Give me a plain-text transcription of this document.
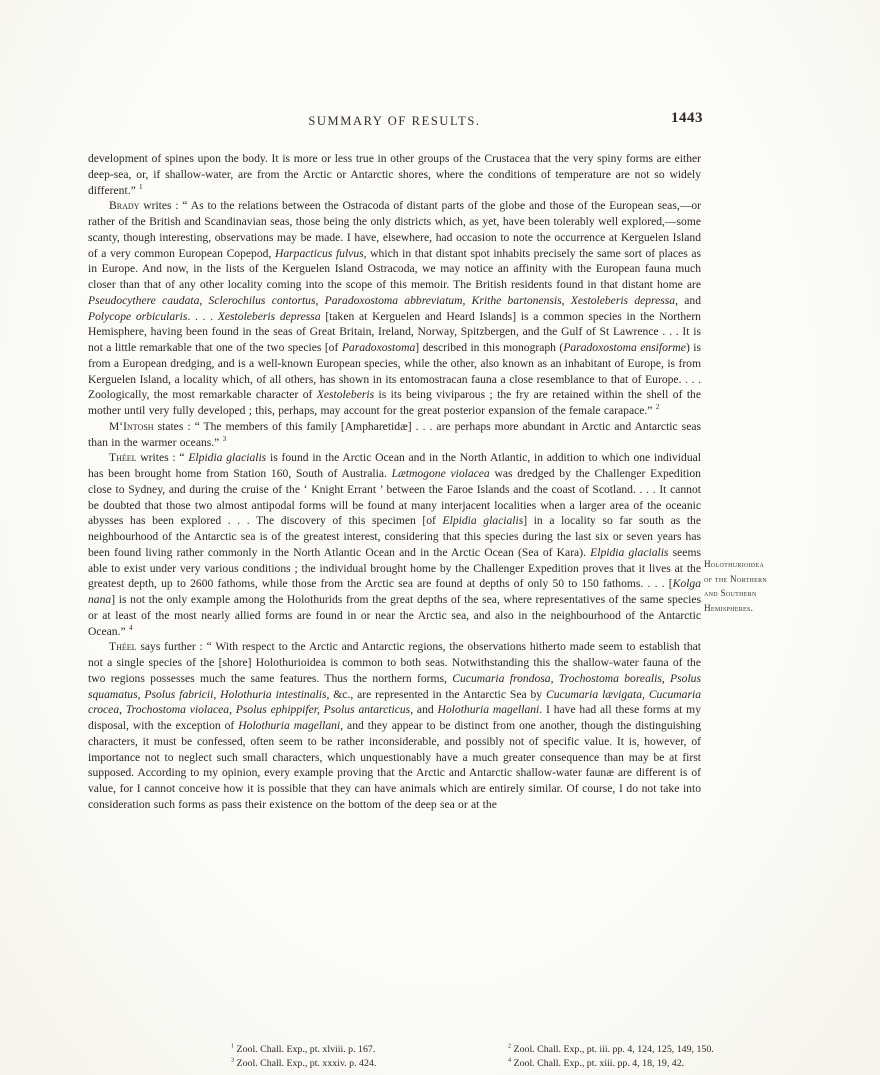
SUMMARY OF RESULTS.	1443

development of spines upon the body. It is more or less true in other groups of the Crustacea that the very spiny forms are either deep-sea, or, if shallow-water, are from the Arctic or Antarctic shores, where the conditions of temperature are not so widely different.” $^1$

Brady writes : “ As to the relations between the Ostracoda of distant parts of the globe and those of the European seas,—or rather of the British and Scandinavian seas, those being the only districts which, as yet, have been tolerably well explored,—some scanty, though interesting, observations may be made. I have, elsewhere, had occasion to note the occurrence at Kerguelen Island of a very common European Copepod, Harpacticus fulvus, which in that distant spot inhabits precisely the same sort of places as in Europe. And now, in the lists of the Kerguelen Island Ostracoda, we may notice an affinity with the European fauna much closer than that of any other locality coming into the scope of this memoir. The British residents found in that distant home are Pseudocythere caudata, Sclerochilus contortus, Paradoxostoma abbreviatum, Krithe bartonensis, Xestoleberis depressa, and Polycope orbicularis. . . . Xestoleberis depressa [taken at Kerguelen and Heard Islands] is a common species in the Northern Hemisphere, having been found in the seas of Great Britain, Ireland, Norway, Spitzbergen, and the Gulf of St Lawrence . . . It is not a little remarkable that one of the two species [of Paradoxostoma] described in this monograph (Paradoxostoma ensiforme) is from a European dredging, and is a well-known European species, while the other, also known as an inhabitant of Europe, is from Kerguelen Island, a locality which, of all others, has shown in its entomostracan fauna a close resemblance to that of Europe. . . . Zoologically, the most remarkable character of Xestoleberis is its being viviparous ; the fry are retained within the shell of the mother until very fully developed ; this, perhaps, may account for the great posterior expansion of the female carapace.” $^2$

M‘Intosh states : “ The members of this family [Ampharetidæ] . . . are perhaps more abundant in Arctic and Antarctic seas than in the warmer oceans.” $^3$

Théel writes : “ Elpidia glacialis is found in the Arctic Ocean and in the North Atlantic, in addition to which one individual has been brought home from Station 160, South of Australia. Lætmogone violacea was dredged by the Challenger Expedition close to Sydney, and during the cruise of the ‘ Knight Errant ’ between the Faroe Islands and the coast of Scotland. . . . It cannot be doubted that those two almost antipodal forms will be found at many interjacent localities when a larger area of the oceanic abysses has been explored . . . The discovery of this specimen [of Elpidia glacialis] in a locality so far south as the neighbourhood of the Antarctic sea is of the greatest interest, considering that this species during the last six or seven years has been found living rather commonly in the North Atlantic Ocean and in the Arctic Ocean (Sea of Kara). Elpidia glacialis seems able to exist under very various conditions ; the individual brought home by the Challenger Expedition proves that it lives at the greatest depth, up to 2600 fathoms, while those from the Arctic sea are found at depths of only 50 to 150 fathoms. . . . [Kolga nana] is not the only example among the Holothurids from the great depths of the sea, where representatives of the same species or at least of the most nearly allied forms are found in or near the Arctic sea, and also in the neighbourhood of the Antarctic Ocean.” $^4$

Théel says further : “ With respect to the Arctic and Antarctic regions, the observations hitherto made seem to establish that not a single species of the [shore] Holothurioidea is common to both seas. Notwithstanding this the shallow-water fauna of the two regions possesses much the same features. Thus the northern forms, Cucumaria frondosa, Trochostoma borealis, Psolus squamatus, Psolus fabricii, Holothuria intestinalis, &c., are represented in the Antarctic Sea by Cucumaria lævigata, Cucumaria crocea, Trochostoma violacea, Psolus ephippifer, Psolus antarcticus, and Holothuria magellani. I have had all these forms at my disposal, with the exception of Holothuria magellani, and they appear to be distinct from one another, though the distinguishing characters, it must be confessed, often seem to be rather inconsiderable, and possibly not of specific value. It is, however, of importance not to neglect such small characters, which unquestionably have a much greater consequence than may be at first supposed. According to my opinion, every example proving that the Arctic and Antarctic shallow-water faunæ are different is of value, for I cannot conceive how it is possible that they can have animals which are entirely similar. Of course, I do not take into consideration such forms as pass their existence on the bottom of the deep sea or at the

$^1$ Zool. Chall. Exp., pt. xlviii. p. 167.
$^3$ Zool. Chall. Exp., pt. xxxiv. p. 424.
$^2$ Zool. Chall. Exp., pt. iii. pp. 4, 124, 125, 149, 150.
$^4$ Zool. Chall. Exp., pt. xiii. pp. 4, 18, 19, 42.
Holothurioidea
of the Northern
and Southern
Hemispheres.
